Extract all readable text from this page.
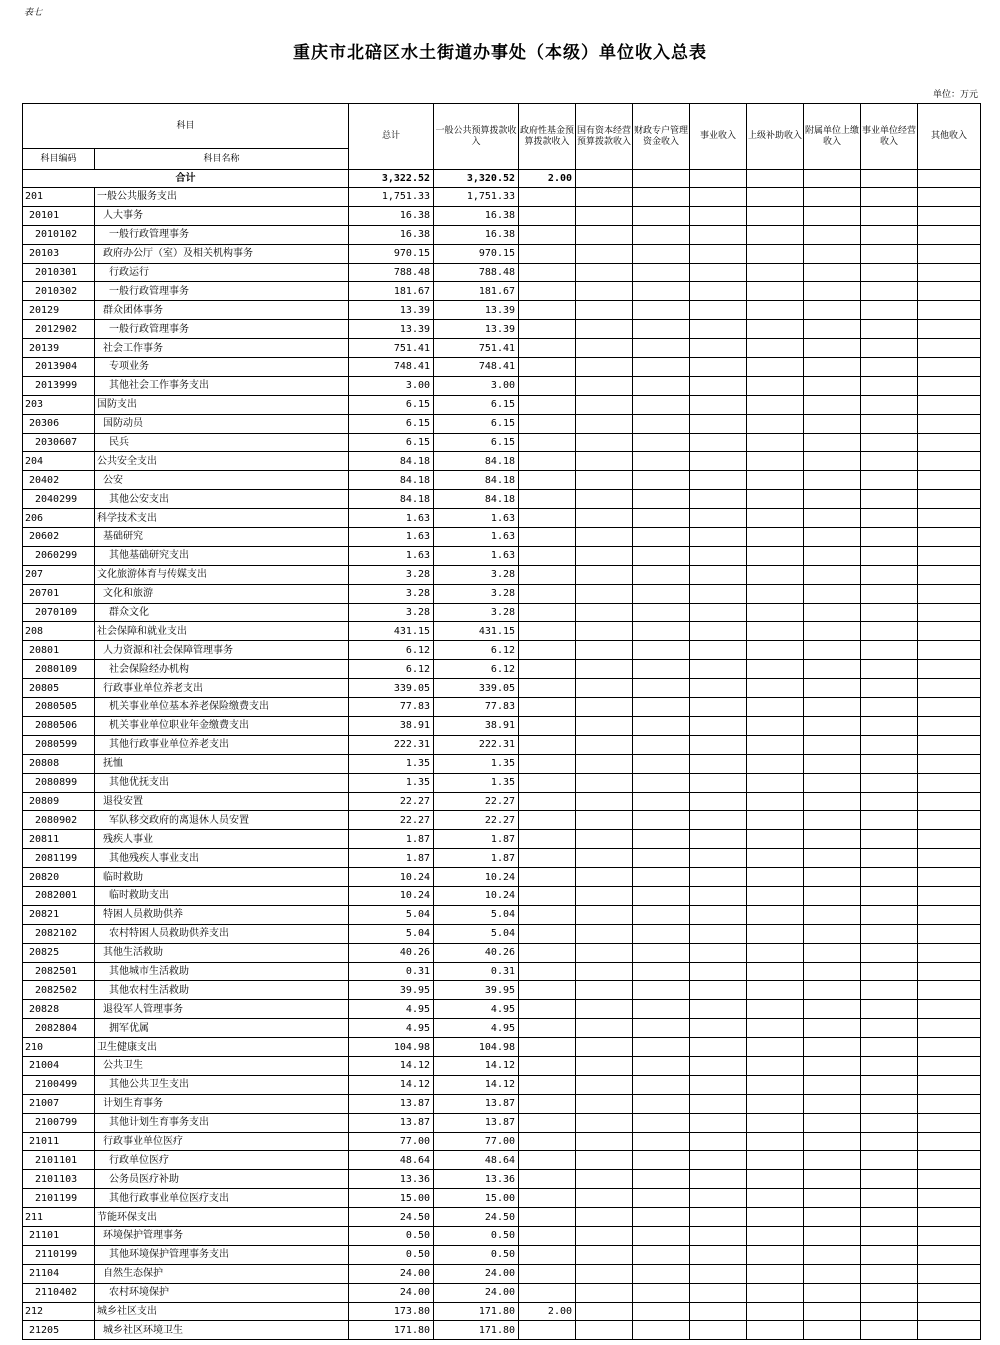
表七
重庆市北碚区水土街道办事处（本级）单位收入总表
单位：万元
科目		总计	一般公共预算拨款收入	政府性基金预算拨款收入	国有资本经营预算拨款收入	财政专户管理资金收入	事业收入	上级补助收入	附属单位上缴收入	事业单位经营收入	其他收入
科目编码	科目名称										
合计		3,322.52	3,320.52	2.00							
201	一般公共服务支出	1,751.33	1,751.33								
20101	人大事务	16.38	16.38								
2010102	一般行政管理事务	16.38	16.38								
20103	政府办公厅（室）及相关机构事务	970.15	970.15								
2010301	行政运行	788.48	788.48								
2010302	一般行政管理事务	181.67	181.67								
20129	群众团体事务	13.39	13.39								
2012902	一般行政管理事务	13.39	13.39								
20139	社会工作事务	751.41	751.41								
2013904	专项业务	748.41	748.41								
2013999	其他社会工作事务支出	3.00	3.00								
203	国防支出	6.15	6.15								
20306	国防动员	6.15	6.15								
2030607	民兵	6.15	6.15								
204	公共安全支出	84.18	84.18								
20402	公安	84.18	84.18								
2040299	其他公安支出	84.18	84.18								
206	科学技术支出	1.63	1.63								
20602	基础研究	1.63	1.63								
2060299	其他基础研究支出	1.63	1.63								
207	文化旅游体育与传媒支出	3.28	3.28								
20701	文化和旅游	3.28	3.28								
2070109	群众文化	3.28	3.28								
208	社会保障和就业支出	431.15	431.15								
20801	人力资源和社会保障管理事务	6.12	6.12								
2080109	社会保险经办机构	6.12	6.12								
20805	行政事业单位养老支出	339.05	339.05								
2080505	机关事业单位基本养老保险缴费支出	77.83	77.83								
2080506	机关事业单位职业年金缴费支出	38.91	38.91								
2080599	其他行政事业单位养老支出	222.31	222.31								
20808	抚恤	1.35	1.35								
2080899	其他优抚支出	1.35	1.35								
20809	退役安置	22.27	22.27								
2080902	军队移交政府的离退休人员安置	22.27	22.27								
20811	残疾人事业	1.87	1.87								
2081199	其他残疾人事业支出	1.87	1.87								
20820	临时救助	10.24	10.24								
2082001	临时救助支出	10.24	10.24								
20821	特困人员救助供养	5.04	5.04								
2082102	农村特困人员救助供养支出	5.04	5.04								
20825	其他生活救助	40.26	40.26								
2082501	其他城市生活救助	0.31	0.31								
2082502	其他农村生活救助	39.95	39.95								
20828	退役军人管理事务	4.95	4.95								
2082804	拥军优属	4.95	4.95								
210	卫生健康支出	104.98	104.98								
21004	公共卫生	14.12	14.12								
2100499	其他公共卫生支出	14.12	14.12								
21007	计划生育事务	13.87	13.87								
2100799	其他计划生育事务支出	13.87	13.87								
21011	行政事业单位医疗	77.00	77.00								
2101101	行政单位医疗	48.64	48.64								
2101103	公务员医疗补助	13.36	13.36								
2101199	其他行政事业单位医疗支出	15.00	15.00								
211	节能环保支出	24.50	24.50								
21101	环境保护管理事务	0.50	0.50								
2110199	其他环境保护管理事务支出	0.50	0.50								
21104	自然生态保护	24.00	24.00								
2110402	农村环境保护	24.00	24.00								
212	城乡社区支出	173.80	171.80	2.00							
21205	城乡社区环境卫生	171.80	171.80								
